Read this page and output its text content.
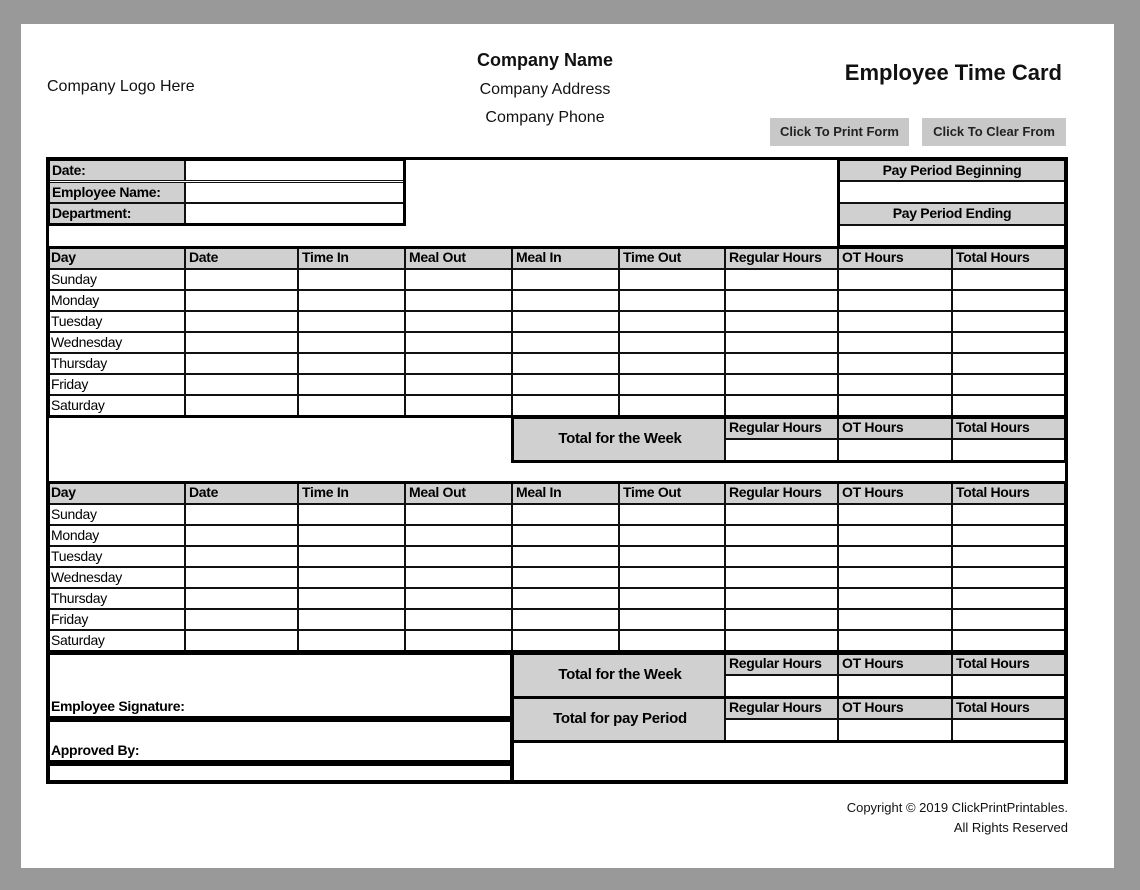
Company Logo Here
Company Name
Company Address
Company Phone
Employee Time Card
Click To Print Form	Click To Clear From
Date:
Employee Name:
Department:
Pay Period Beginning
Pay Period Ending
Day	Date	Time In	Meal Out	Meal In	Time Out	Regular Hours	OT Hours	Total Hours
Sunday
Monday
Tuesday
Wednesday
Thursday
Friday
Saturday
Day	Date	Time In	Meal Out	Meal In	Time Out	Regular Hours	OT Hours	Total Hours
Sunday
Monday
Tuesday
Wednesday
Thursday
Friday
Saturday
Total for the Week
Regular Hours	OT Hours	Total Hours
Total for the Week
Regular Hours	OT Hours	Total Hours
Total for pay Period
Regular Hours	OT Hours	Total Hours
Employee Signature:
Approved By:
Copyright © 2019 ClickPrintPrintables.
All Rights Reserved
